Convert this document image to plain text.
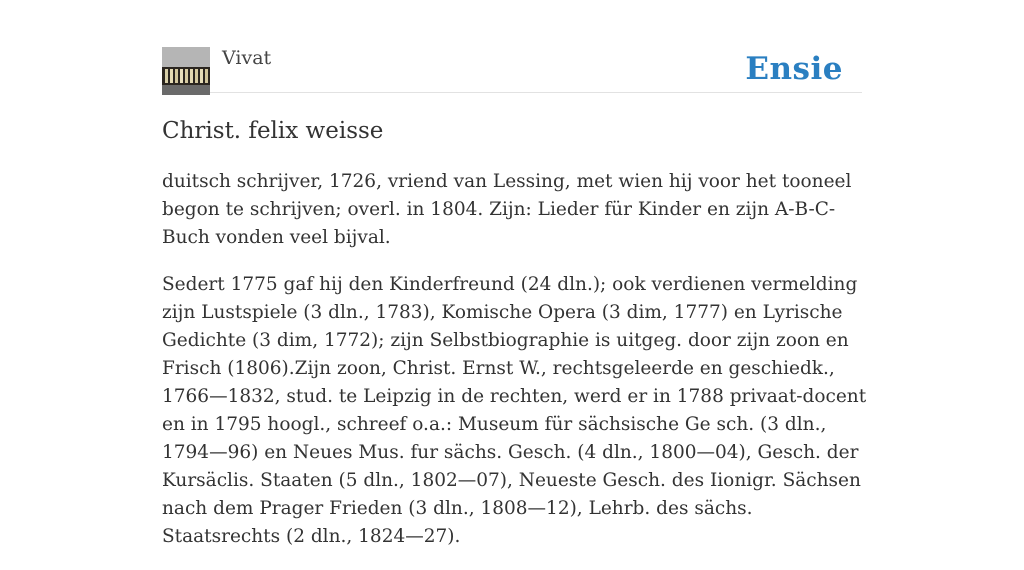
Vivat	Ensie
Christ. felix weisse

duitsch schrijver, 1726, vriend van Lessing, met wien hij voor het tooneel begon te schrijven; overl. in 1804. Zijn: Lieder für Kinder en zijn A-B-C-Buch vonden veel bijval.

Sedert 1775 gaf hij den Kinderfreund (24 dln.); ook verdienen vermelding zijn Lustspiele (3 dln., 1783), Komische Opera (3 dim, 1777) en Lyrische Gedichte (3 dim, 1772); zijn Selbstbiographie is uitgeg. door zijn zoon en Frisch (1806).Zijn zoon, Christ. Ernst W., rechtsgeleerde en geschiedk., 1766—1832, stud. te Leipzig in de rechten, werd er in 1788 privaat-docent en in 1795 hoogl., schreef o.a.: Museum für sächsische Ge sch. (3 dln., 1794—96) en Neues Mus. fur sächs. Gesch. (4 dln., 1800—04), Gesch. der Kursäclis. Staaten (5 dln., 1802—07), Neueste Gesch. des Iionigr. Sächsen nach dem Prager Frieden (3 dln., 1808—12), Lehrb. des sächs. Staatsrechts (2 dln., 1824—27).
